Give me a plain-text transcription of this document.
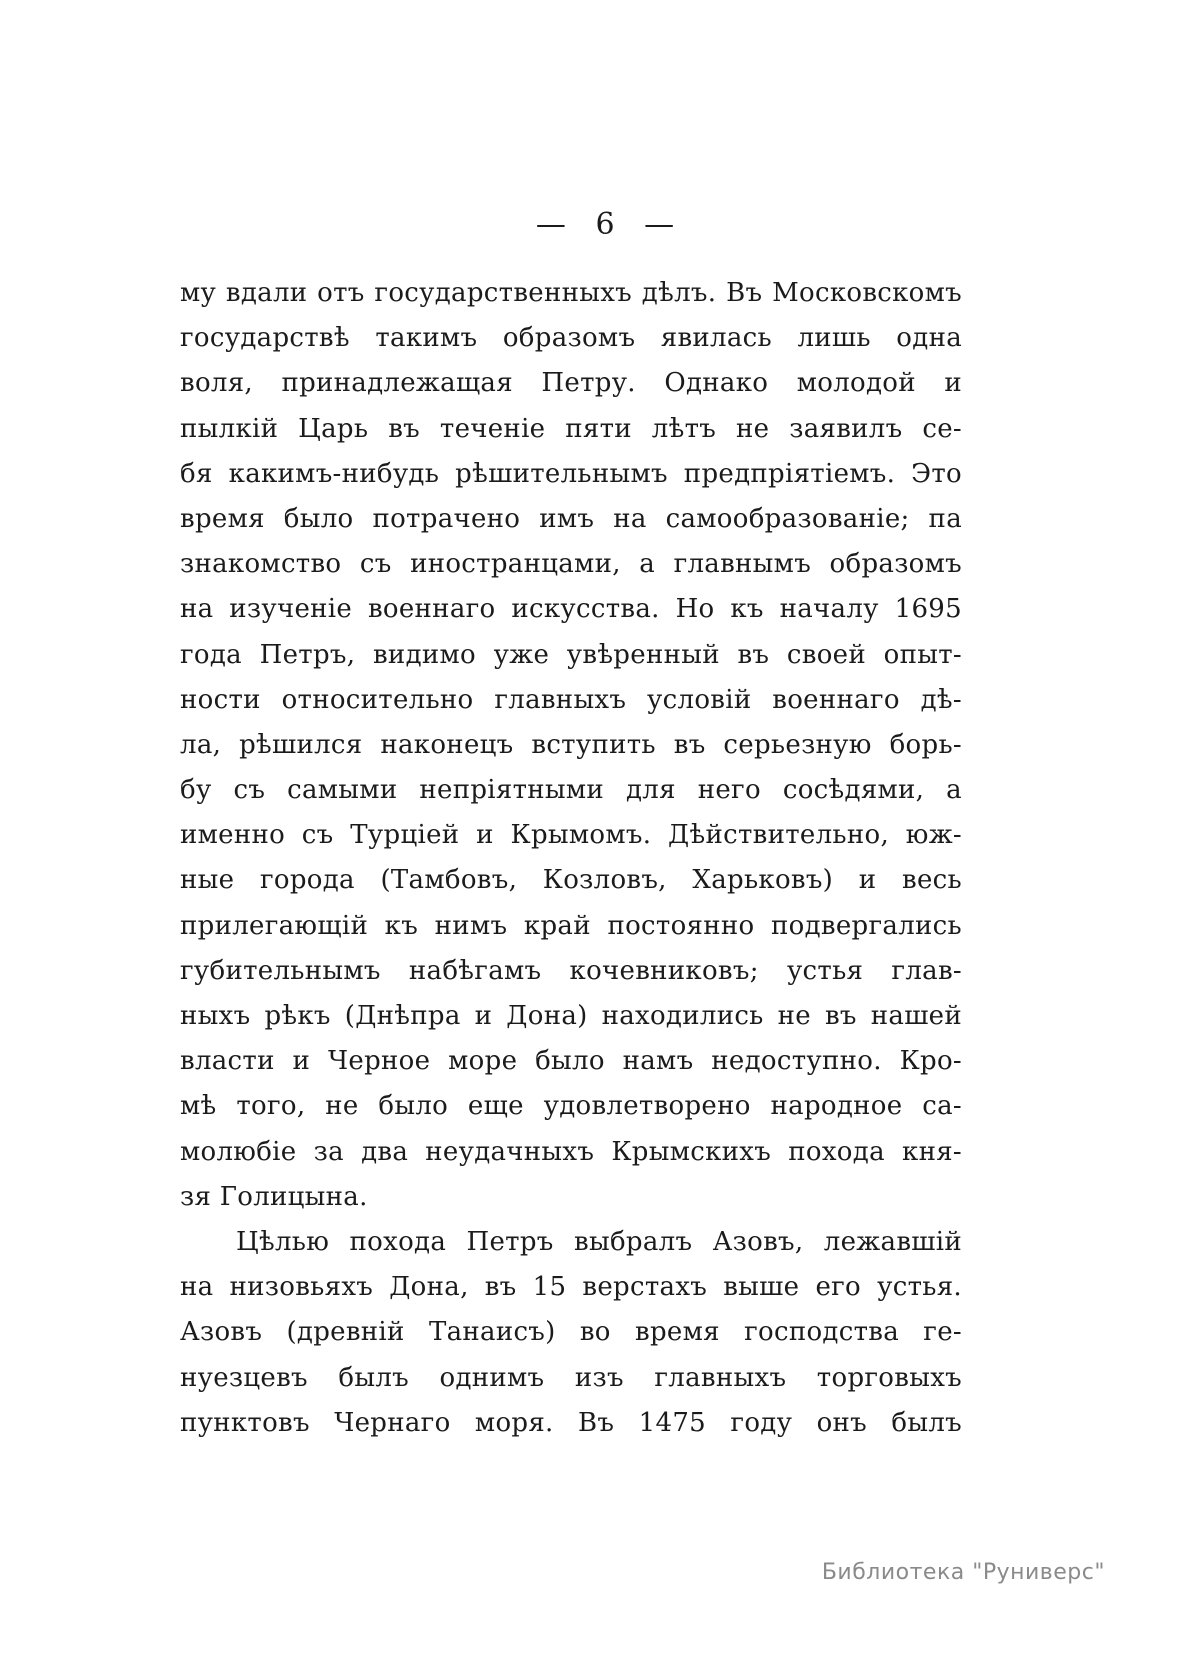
— 6 —
му вдали отъ государственныхъ дѣлъ. Въ Московскомъ
государствѣ такимъ образомъ явилась лишь одна
воля, принадлежащая Петру. Однако молодой и
пылкій Царь въ теченіе пяти лѣтъ не заявилъ се-
бя какимъ-нибудь рѣшительнымъ предпріятіемъ. Это
время было потрачено имъ на самообразованіе; па
знакомство съ иностранцами, а главнымъ образомъ
на изученіе военнаго искусства. Но къ началу 1695
года Петръ, видимо уже увѣренный въ своей опыт-
ности относительно главныхъ условій военнаго дѣ-
ла, рѣшился наконецъ вступить въ серьезную борь-
бу съ самыми непріятными для него сосѣдями, а
именно съ Турціей и Крымомъ. Дѣйствительно, юж-
ные города (Тамбовъ, Козловъ, Харьковъ) и весь
прилегающій къ нимъ край постоянно подвергались
губительнымъ набѣгамъ кочевниковъ; устья глав-
ныхъ рѣкъ (Днѣпра и Дона) находились не въ нашей
власти и Черное море было намъ недоступно. Кро-
мѣ того, не было еще удовлетворено народное са-
молюбіе за два неудачныхъ Крымскихъ похода кня-
зя Голицына.
Цѣлью похода Петръ выбралъ Азовъ, лежавшій
на низовьяхъ Дона, въ 15 верстахъ выше его устья.
Азовъ (древній Танаисъ) во время господства ге-
нуезцевъ былъ однимъ изъ главныхъ торговыхъ
пунктовъ Чернаго моря. Въ 1475 году онъ былъ
Библиотека "Руниверс"
